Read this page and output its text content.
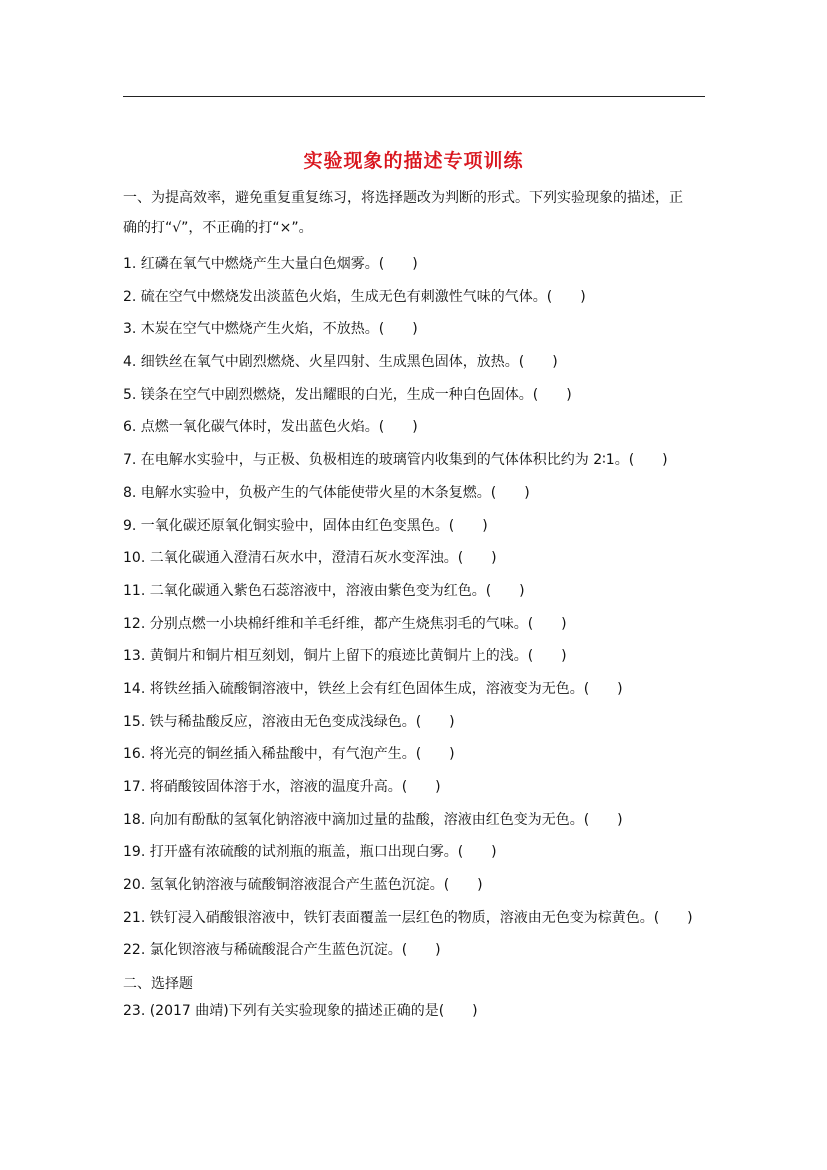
实验现象的描述专项训练
一、为提高效率，避免重复重复练习，将选择题改为判断的形式。下列实验现象的描述，正
确的打“√”，不正确的打“×”。
1. 红磷在氧气中燃烧产生大量白色烟雾。(　　)
2. 硫在空气中燃烧发出淡蓝色火焰，生成无色有刺激性气味的气体。(　　)
3. 木炭在空气中燃烧产生火焰，不放热。(　　)
4. 细铁丝在氧气中剧烈燃烧、火星四射、生成黑色固体，放热。(　　)
5. 镁条在空气中剧烈燃烧，发出耀眼的白光，生成一种白色固体。(　　)
6. 点燃一氧化碳气体时，发出蓝色火焰。(　　)
7. 在电解水实验中，与正极、负极相连的玻璃管内收集到的气体体积比约为 2∶1。(　　)
8. 电解水实验中，负极产生的气体能使带火星的木条复燃。(　　)
9. 一氧化碳还原氧化铜实验中，固体由红色变黑色。(　　)
10. 二氧化碳通入澄清石灰水中，澄清石灰水变浑浊。(　　)
11. 二氧化碳通入紫色石蕊溶液中，溶液由紫色变为红色。(　　)
12. 分别点燃一小块棉纤维和羊毛纤维，都产生烧焦羽毛的气味。(　　)
13. 黄铜片和铜片相互刻划，铜片上留下的痕迹比黄铜片上的浅。(　　)
14. 将铁丝插入硫酸铜溶液中，铁丝上会有红色固体生成，溶液变为无色。(　　)
15. 铁与稀盐酸反应，溶液由无色变成浅绿色。(　　)
16. 将光亮的铜丝插入稀盐酸中，有气泡产生。(　　)
17. 将硝酸铵固体溶于水，溶液的温度升高。(　　)
18. 向加有酚酞的氢氧化钠溶液中滴加过量的盐酸，溶液由红色变为无色。(　　)
19. 打开盛有浓硫酸的试剂瓶的瓶盖，瓶口出现白雾。(　　)
20. 氢氧化钠溶液与硫酸铜溶液混合产生蓝色沉淀。(　　)
21. 铁钉浸入硝酸银溶液中，铁钉表面覆盖一层红色的物质，溶液由无色变为棕黄色。(　　)
22. 氯化钡溶液与稀硫酸混合产生蓝色沉淀。(　　)
二、选择题
23. (2017 曲靖)下列有关实验现象的描述正确的是(　　)
